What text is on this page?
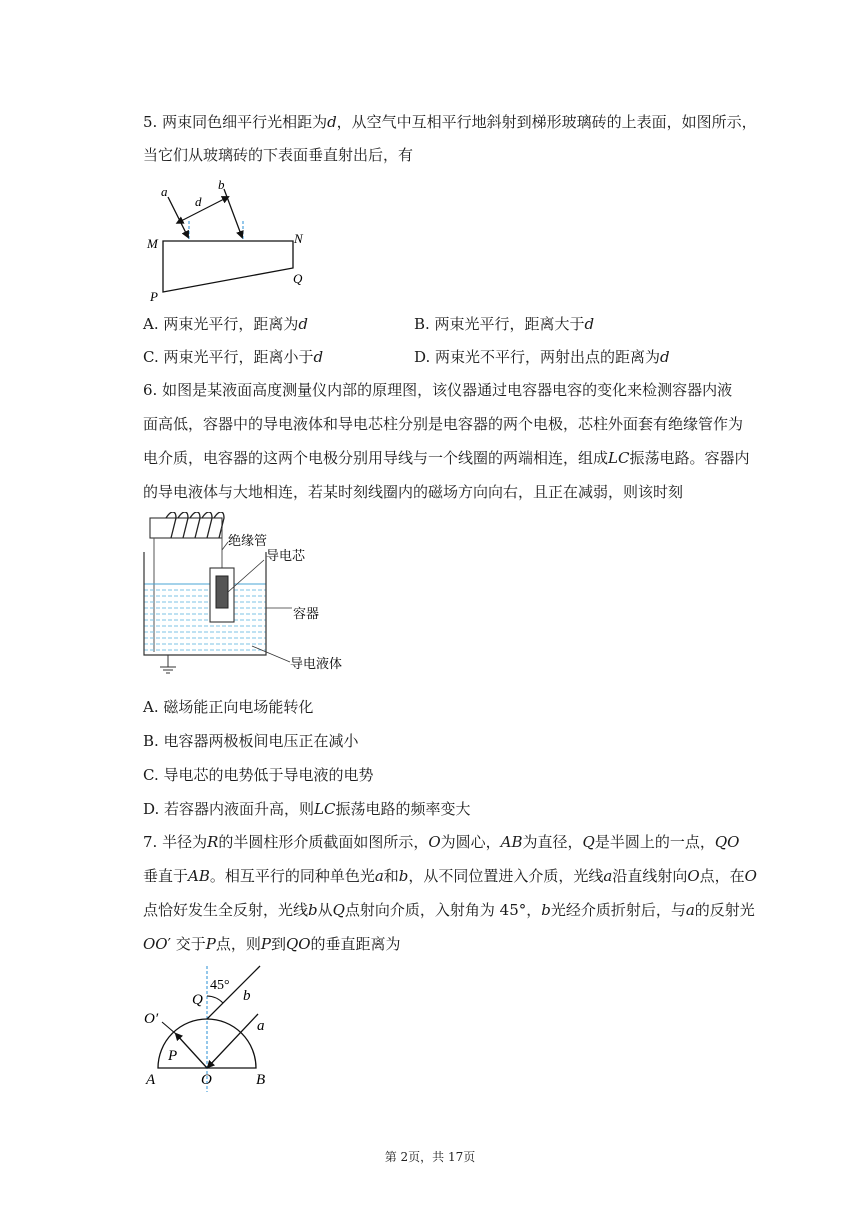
5. 两束同色细平行光相距为𝑑，从空气中互相平行地斜射到梯形玻璃砖的上表面，如图所示，
当它们从玻璃砖的下表面垂直射出后，有
a	b
d
M	N
P
Q
A. 两束光平行，距离为𝑑	B. 两束光平行，距离大于𝑑
C. 两束光平行，距离小于𝑑	D. 两束光不平行，两射出点的距离为𝑑
6. 如图是某液面高度测量仪内部的原理图，该仪器通过电容器电容的变化来检测容器内液
面高低，容器中的导电液体和导电芯柱分别是电容器的两个电极，芯柱外面套有绝缘管作为
电介质，电容器的这两个电极分别用导线与一个线圈的两端相连，组成𝐿𝐶振荡电路。容器内
的导电液体与大地相连，若某时刻线圈内的磁场方向向右，且正在减弱，则该时刻
绝缘管
导电芯
容器
导电液体
A. 磁场能正向电场能转化
B. 电容器两极板间电压正在减小
C. 导电芯的电势低于导电液的电势
D. 若容器内液面升高，则𝐿𝐶振荡电路的频率变大
7. 半径为𝑅的半圆柱形介质截面如图所示，𝑂为圆心，𝐴𝐵为直径，𝑄是半圆上的一点，𝑄𝑂
垂直于𝐴𝐵。相互平行的同种单色光𝑎和𝑏，从不同位置进入介质，光线𝑎沿直线射向𝑂点，在𝑂
点恰好发生全反射，光线𝑏从𝑄点射向介质，入射角为 45°，𝑏光经介质折射后，与𝑎的反射光
𝑂𝑂′ 交于𝑃点，则𝑃到𝑄𝑂的垂直距离为
Q
45°
b
a
O′
P
A	O	B
第 2页，共 17页
